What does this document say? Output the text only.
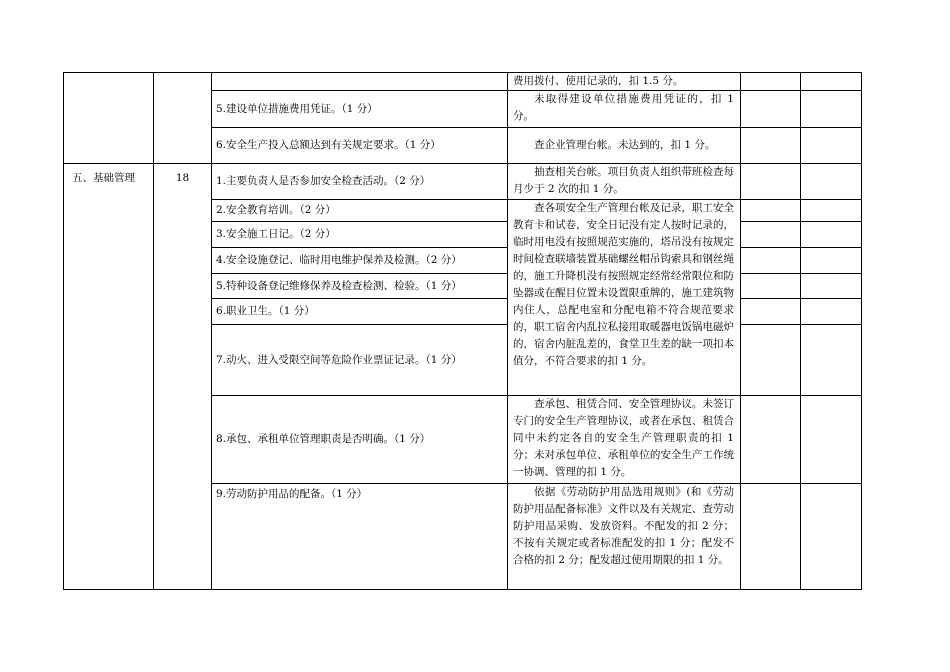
			费用拨付、使用记录的，扣 1.5 分。		
		5.建设单位措施费用凭证。（1 分）	未取得建设单位措施费用凭证的，扣 1 分。		
		6.安全生产投入总额达到有关规定要求。（1 分）	查企业管理台帐。未达到的，扣 1 分。		
五、基础管理	18	1.主要负责人是否参加安全检查活动。（2 分）	抽查相关台帐。项目负责人组织带班检查每月少于 2 次的扣 1 分。		
		2.安全教育培训。（2 分）	查各项安全生产管理台帐及记录，职工安全教育卡和试卷，安全日记没有定人按时记录的，临时用电没有按照规范实施的，塔吊没有按规定时间检查联墙装置基础螺丝帽吊钩索具和钢丝绳的，施工升降机没有按照规定经常经常限位和防坠器或在醒目位置未设置限重牌的，施工建筑物内住人，总配电室和分配电箱不符合规范要求的，职工宿舍内乱拉私接用取暖器电饭锅电磁炉的，宿舍内脏乱差的，食堂卫生差的缺一项扣本值分，不符合要求的扣 1 分。		
		3.安全施工日记。（2 分）			
		4.安全设施登记、临时用电维护保养及检测。（2 分）			
		5.特种设备登记维修保养及检查检测、检验。（1 分）			
		6.职业卫生。（1 分）			
		7.动火、进入受限空间等危险作业票证记录。（1 分）			
		8.承包、承租单位管理职责是否明确。（1 分）	查承包、租赁合同、安全管理协议。未签订专门的安全生产管理协议，或者在承包、租赁合同中未约定各自的安全生产管理职责的扣 1 分；未对承包单位、承租单位的安全生产工作统一协调、管理的扣 1 分。		
		9.劳动防护用品的配备。（1 分）	依据《劳动防护用品选用规则》(和《劳动防护用品配备标准》文件以及有关规定、查劳动防护用品采购、发放资料。不配发的扣 2 分；不按有关规定或者标准配发的扣 1 分；配发不合格的扣 2 分；配发超过使用期限的扣 1 分。		
